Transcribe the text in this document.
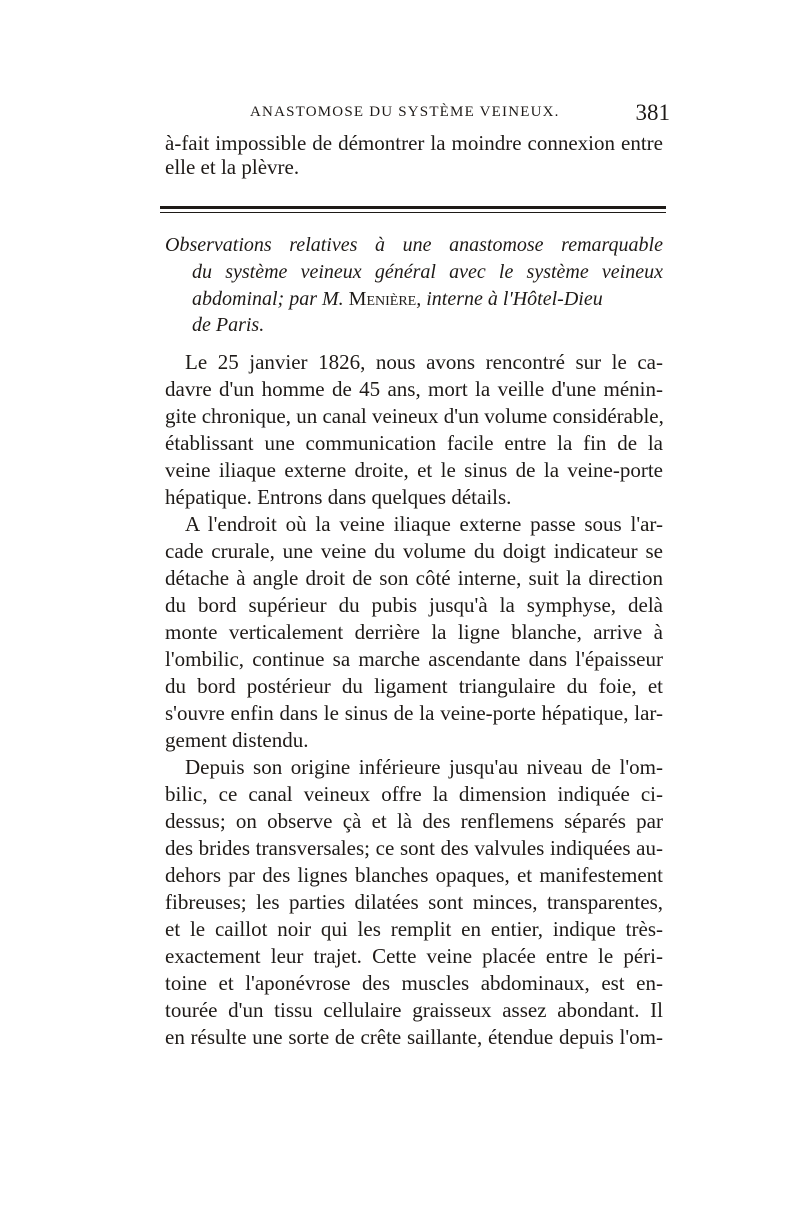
ANASTOMOSE DU SYSTÈME VEINEUX.	381
à-fait impossible de démontrer la moindre connexion entre
elle et la plèvre.
Observations relatives à une anastomose remarquable
du système veineux général avec le système veineux
abdominal; par M. Menière, interne à l'Hôtel-Dieu
de Paris.
Le 25 janvier 1826, nous avons rencontré sur le ca-
davre d'un homme de 45 ans, mort la veille d'une ménin-
gite chronique, un canal veineux d'un volume considérable,
établissant une communication facile entre la fin de la
veine iliaque externe droite, et le sinus de la veine-porte
hépatique. Entrons dans quelques détails.
A l'endroit où la veine iliaque externe passe sous l'ar-
cade crurale, une veine du volume du doigt indicateur se
détache à angle droit de son côté interne, suit la direction
du bord supérieur du pubis jusqu'à la symphyse, delà
monte verticalement derrière la ligne blanche, arrive à
l'ombilic, continue sa marche ascendante dans l'épaisseur
du bord postérieur du ligament triangulaire du foie, et
s'ouvre enfin dans le sinus de la veine-porte hépatique, lar-
gement distendu.
Depuis son origine inférieure jusqu'au niveau de l'om-
bilic, ce canal veineux offre la dimension indiquée ci-
dessus; on observe çà et là des renflemens séparés par
des brides transversales; ce sont des valvules indiquées au-
dehors par des lignes blanches opaques, et manifestement
fibreuses; les parties dilatées sont minces, transparentes,
et le caillot noir qui les remplit en entier, indique très-
exactement leur trajet. Cette veine placée entre le péri-
toine et l'aponévrose des muscles abdominaux, est en-
tourée d'un tissu cellulaire graisseux assez abondant. Il
en résulte une sorte de crête saillante, étendue depuis l'om-
